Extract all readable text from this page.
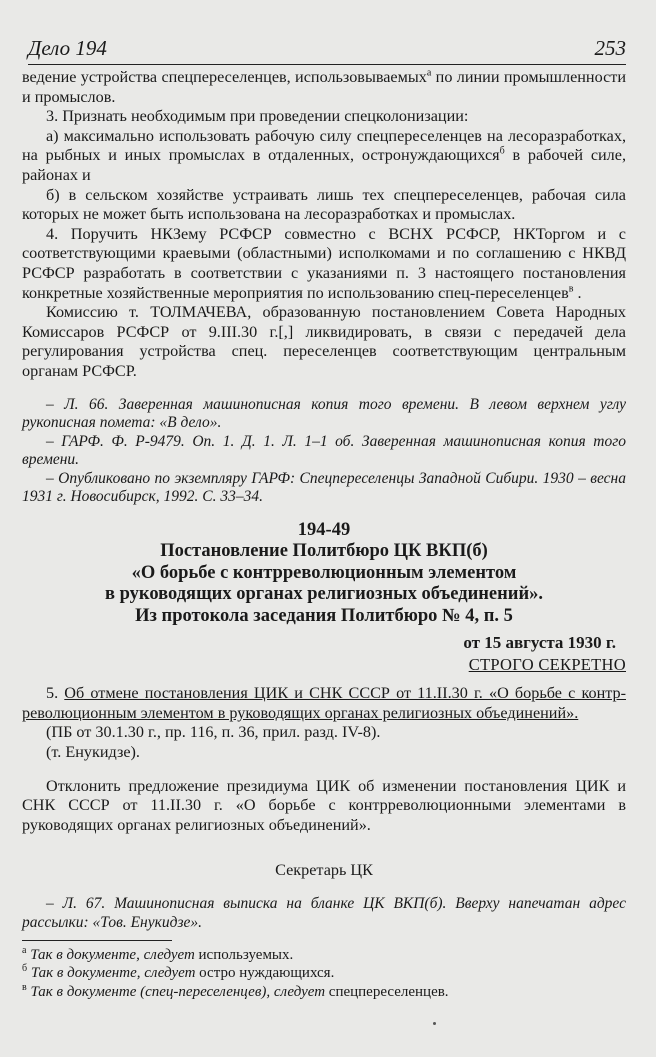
Дело 194	253

ведение устройства спецпереселенцев, использовываемых$^а$ по линии промышленности и промыслов.

3. Признать необходимым при проведении спецколонизации:

а) максимально использовать рабочую силу спецпереселенцев на лесоразработках, на рыбных и иных промыслах в отдаленных, остронуждающихся$^б$ в рабочей силе, районах и

б) в сельском хозяйстве устраивать лишь тех спецпереселенцев, рабочая сила которых не может быть использована на лесоразработках и промыслах.

4. Поручить НКЗему РСФСР совместно с ВСНХ РСФСР, НКТоргом и с соответствующими краевыми (областными) исполкомами и по соглашению с НКВД РСФСР разработать в соответствии с указаниями п. 3 настоящего постановления конкретные хозяйственные мероприятия по использованию спец-переселенцев$^в$ .

Комиссию т. ТОЛМАЧЕВА, образованную постановлением Совета Народных Комиссаров РСФСР от 9.III.30 г.[,] ликвидировать, в связи с передачей дела регулирования устройства спец. переселенцев соответствующим центральным органам РСФСР.

– Л. 66. Заверенная машинописная копия того времени. В левом верхнем углу рукописная помета: «В дело».

– ГАРФ. Ф. Р-9479. Оп. 1. Д. 1. Л. 1–1 об. Заверенная машинописная копия того времени.

– Опубликовано по экземпляру ГАРФ: Спецпереселенцы Западной Сибири. 1930 – весна 1931 г. Новосибирск, 1992. С. 33–34.

194-49
Постановление Политбюро ЦК ВКП(б)
«О борьбе с контрреволюционным элементом
в руководящих органах религиозных объединений».
Из протокола заседания Политбюро № 4, п. 5
от 15 августа 1930 г.
СТРОГО СЕКРЕТНО

5. Об отмене постановления ЦИК и СНК СССР от 11.II.30 г. «О борьбе с контр-революционным элементом в руководящих органах религиозных объединений».

(ПБ от 30.1.30 г., пр. 116, п. 36, прил. разд. IV-8).

(т. Енукидзе).

Отклонить предложение президиума ЦИК об изменении постановления ЦИК и СНК СССР от 11.II.30 г. «О борьбе с контрреволюционными элементами в руководящих органах религиозных объединений».

Секретарь ЦК

– Л. 67. Машинописная выписка на бланке ЦК ВКП(б). Вверху напечатан адрес рассылки: «Тов. Енукидзе».

$^а$ Так в документе, следует используемых.
$^б$ Так в документе, следует остро нуждающихся.
$^в$ Так в документе (спец-переселенцев), следует спецпереселенцев.
